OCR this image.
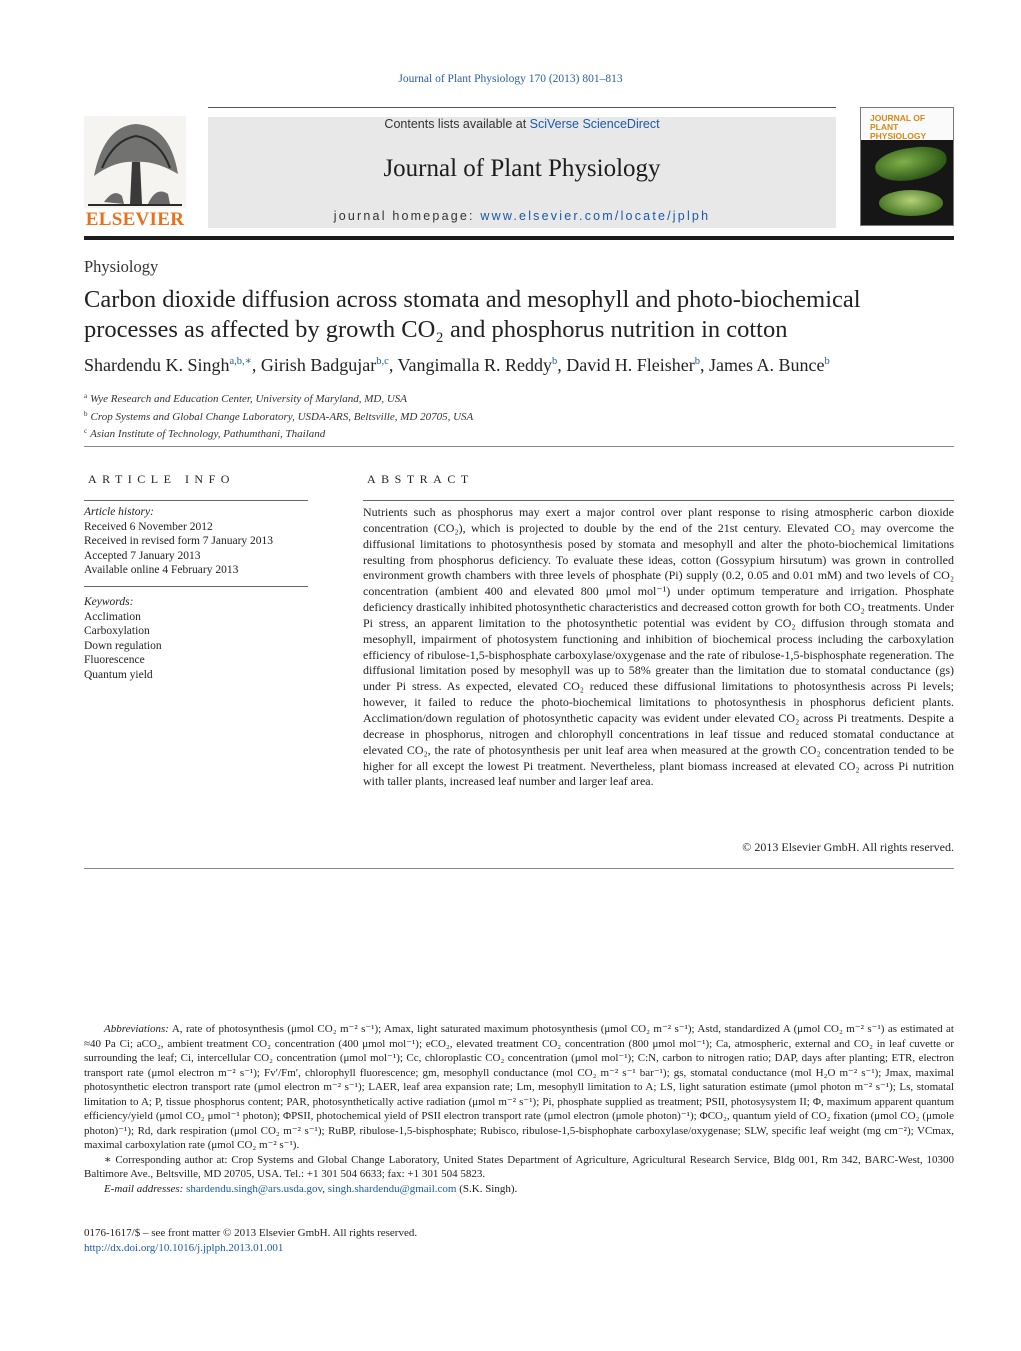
Journal of Plant Physiology 170 (2013) 801–813
ELSEVIER
Contents lists available at SciVerse ScienceDirect
Journal of Plant Physiology
journal homepage: www.elsevier.com/locate/jplph
JOURNAL OF PLANT PHYSIOLOGY
Physiology
Carbon dioxide diffusion across stomata and mesophyll and photo-biochemical processes as affected by growth CO₂ and phosphorus nutrition in cotton
Shardendu K. Singh$^{a,b,∗}$, Girish Badgujar$^{b,c}$, Vangimalla R. Reddy$^b$, David H. Fleisher$^b$, James A. Bunce$^b$
$^a$ Wye Research and Education Center, University of Maryland, MD, USA
$^b$ Crop Systems and Global Change Laboratory, USDA-ARS, Beltsville, MD 20705, USA
$^c$ Asian Institute of Technology, Pathumthani, Thailand
ARTICLE INFO
Article history:
Received 6 November 2012
Received in revised form 7 January 2013
Accepted 7 January 2013
Available online 4 February 2013
Keywords:
Acclimation
Carboxylation
Down regulation
Fluorescence
Quantum yield
ABSTRACT
Nutrients such as phosphorus may exert a major control over plant response to rising atmospheric carbon dioxide concentration (CO₂), which is projected to double by the end of the 21st century. Elevated CO₂ may overcome the diffusional limitations to photosynthesis posed by stomata and mesophyll and alter the photo-biochemical limitations resulting from phosphorus deficiency. To evaluate these ideas, cotton (Gossypium hirsutum) was grown in controlled environment growth chambers with three levels of phosphate (Pi) supply (0.2, 0.05 and 0.01 mM) and two levels of CO₂ concentration (ambient 400 and elevated 800 μmol mol⁻¹) under optimum temperature and irrigation. Phosphate deficiency drastically inhibited photosynthetic characteristics and decreased cotton growth for both CO₂ treatments. Under Pi stress, an apparent limitation to the photosynthetic potential was evident by CO₂ diffusion through stomata and mesophyll, impairment of photosystem functioning and inhibition of biochemical process including the carboxylation efficiency of ribulose-1,5-bisphosphate carboxylase/oxygenase and the rate of ribulose-1,5-bisphosphate regeneration. The diffusional limitation posed by mesophyll was up to 58% greater than the limitation due to stomatal conductance (gs) under Pi stress. As expected, elevated CO₂ reduced these diffusional limitations to photosynthesis across Pi levels; however, it failed to reduce the photo-biochemical limitations to photosynthesis in phosphorus deficient plants. Acclimation/down regulation of photosynthetic capacity was evident under elevated CO₂ across Pi treatments. Despite a decrease in phosphorus, nitrogen and chlorophyll concentrations in leaf tissue and reduced stomatal conductance at elevated CO₂, the rate of photosynthesis per unit leaf area when measured at the growth CO₂ concentration tended to be higher for all except the lowest Pi treatment. Nevertheless, plant biomass increased at elevated CO₂ across Pi nutrition with taller plants, increased leaf number and larger leaf area.
© 2013 Elsevier GmbH. All rights reserved.

Abbreviations: A, rate of photosynthesis (μmol CO₂ m⁻² s⁻¹); Amax, light saturated maximum photosynthesis (μmol CO₂ m⁻² s⁻¹); Astd, standardized A (μmol CO₂ m⁻² s⁻¹) as estimated at ≈40 Pa Ci; aCO₂, ambient treatment CO₂ concentration (400 μmol mol⁻¹); eCO₂, elevated treatment CO₂ concentration (800 μmol mol⁻¹); Ca, atmospheric, external and CO₂ in leaf cuvette or surrounding the leaf; Ci, intercellular CO₂ concentration (μmol mol⁻¹); Cc, chloroplastic CO₂ concentration (μmol mol⁻¹); C:N, carbon to nitrogen ratio; DAP, days after planting; ETR, electron transport rate (μmol electron m⁻² s⁻¹); Fv′/Fm′, chlorophyll fluorescence; gm, mesophyll conductance (mol CO₂ m⁻² s⁻¹ bar⁻¹); gs, stomatal conductance (mol H₂O m⁻² s⁻¹); Jmax, maximal photosynthetic electron transport rate (μmol electron m⁻² s⁻¹); LAER, leaf area expansion rate; Lm, mesophyll limitation to A; LS, light saturation estimate (μmol photon m⁻² s⁻¹); Ls, stomatal limitation to A; P, tissue phosphorus content; PAR, photosynthetically active radiation (μmol m⁻² s⁻¹); Pi, phosphate supplied as treatment; PSII, photosysystem II; Φ, maximum apparent quantum efficiency/yield (μmol CO₂ μmol⁻¹ photon); ΦPSII, photochemical yield of PSII electron transport rate (μmol electron (μmole photon)⁻¹); ΦCO₂, quantum yield of CO₂ fixation (μmol CO₂ (μmole photon)⁻¹); Rd, dark respiration (μmol CO₂ m⁻² s⁻¹); RuBP, ribulose-1,5-bisphosphate; Rubisco, ribulose-1,5-bisphophate carboxylase/oxygenase; SLW, specific leaf weight (mg cm⁻²); VCmax, maximal carboxylation rate (μmol CO₂ m⁻² s⁻¹).

∗ Corresponding author at: Crop Systems and Global Change Laboratory, United States Department of Agriculture, Agricultural Research Service, Bldg 001, Rm 342, BARC-West, 10300 Baltimore Ave., Beltsville, MD 20705, USA. Tel.: +1 301 504 6633; fax: +1 301 504 5823.

E-mail addresses: shardendu.singh@ars.usda.gov, singh.shardendu@gmail.com (S.K. Singh).

0176-1617/$ – see front matter © 2013 Elsevier GmbH. All rights reserved.
http://dx.doi.org/10.1016/j.jplph.2013.01.001
